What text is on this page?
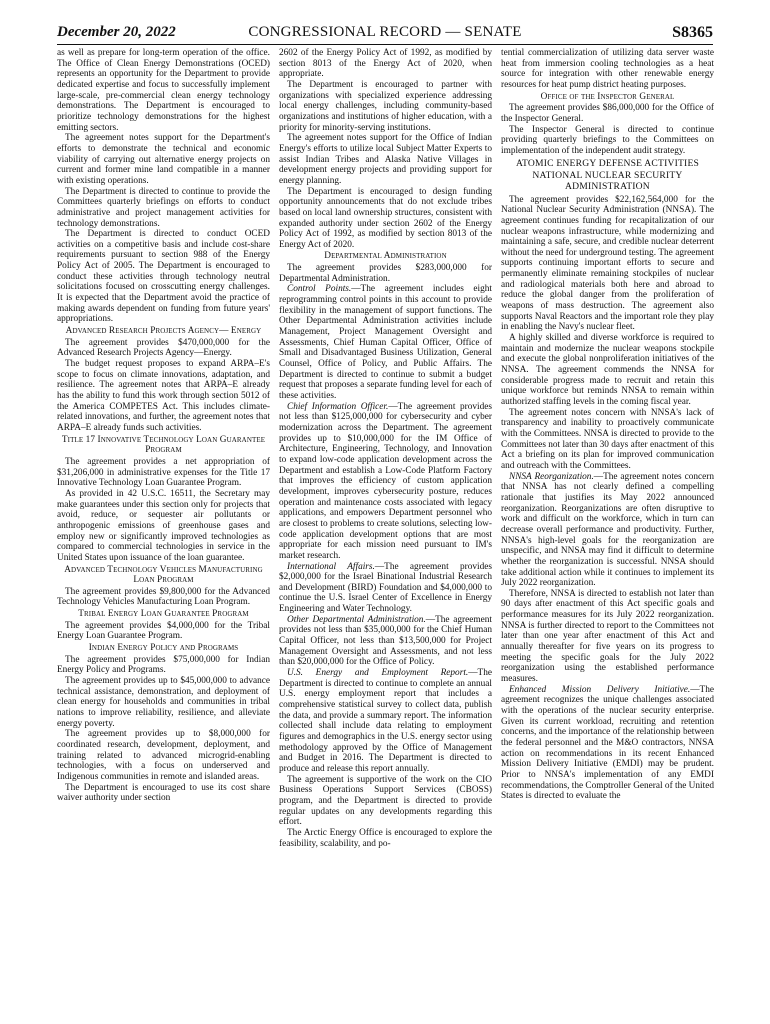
December 20, 2022	CONGRESSIONAL RECORD — SENATE	S8365

as well as prepare for long-term operation of the office. The Office of Clean Energy Demonstrations (OCED) represents an opportunity for the Department to provide dedicated expertise and focus to successfully implement large-scale, pre-commercial clean energy technology demonstrations. The Department is encouraged to prioritize technology demonstrations for the highest emitting sectors.

The agreement notes support for the Department's efforts to demonstrate the technical and economic viability of carrying out alternative energy projects on current and former mine land compatible in a manner with existing operations.

The Department is directed to continue to provide the Committees quarterly briefings on efforts to conduct administrative and project management activities for technology demonstrations.

The Department is directed to conduct OCED activities on a competitive basis and include cost-share requirements pursuant to section 988 of the Energy Policy Act of 2005. The Department is encouraged to conduct these activities through technology neutral solicitations focused on crosscutting energy challenges. It is expected that the Department avoid the practice of making awards dependent on funding from future years' appropriations.

Advanced Research Projects Agency— Energy

The agreement provides $470,000,000 for the Advanced Research Projects Agency—Energy.

The budget request proposes to expand ARPA–E's scope to focus on climate innovations, adaptation, and resilience. The agreement notes that ARPA–E already has the ability to fund this work through section 5012 of the America COMPETES Act. This includes climate-related innovations, and further, the agreement notes that ARPA–E already funds such activities.

Title 17 Innovative Technology Loan Guarantee Program

The agreement provides a net appropriation of $31,206,000 in administrative expenses for the Title 17 Innovative Technology Loan Guarantee Program.

As provided in 42 U.S.C. 16511, the Secretary may make guarantees under this section only for projects that avoid, reduce, or sequester air pollutants or anthropogenic emissions of greenhouse gases and employ new or significantly improved technologies as compared to commercial technologies in service in the United States upon issuance of the loan guarantee.

Advanced Technology Vehicles Manufacturing Loan Program

The agreement provides $9,800,000 for the Advanced Technology Vehicles Manufacturing Loan Program.

Tribal Energy Loan Guarantee Program

The agreement provides $4,000,000 for the Tribal Energy Loan Guarantee Program.

Indian Energy Policy and Programs

The agreement provides $75,000,000 for Indian Energy Policy and Programs.

The agreement provides up to $45,000,000 to advance technical assistance, demonstration, and deployment of clean energy for households and communities in tribal nations to improve reliability, resilience, and alleviate energy poverty.

The agreement provides up to $8,000,000 for coordinated research, development, deployment, and training related to advanced microgrid-enabling technologies, with a focus on underserved and Indigenous communities in remote and islanded areas.

The Department is encouraged to use its cost share waiver authority under section

2602 of the Energy Policy Act of 1992, as modified by section 8013 of the Energy Act of 2020, when appropriate.

The Department is encouraged to partner with organizations with specialized experience addressing local energy challenges, including community-based organizations and institutions of higher education, with a priority for minority-serving institutions.

The agreement notes support for the Office of Indian Energy's efforts to utilize local Subject Matter Experts to assist Indian Tribes and Alaska Native Villages in development energy projects and providing support for energy planning.

The Department is encouraged to design funding opportunity announcements that do not exclude tribes based on local land ownership structures, consistent with expanded authority under section 2602 of the Energy Policy Act of 1992, as modified by section 8013 of the Energy Act of 2020.

Departmental Administration

The agreement provides $283,000,000 for Departmental Administration.

Control Points.—The agreement includes eight reprogramming control points in this account to provide flexibility in the management of support functions. The Other Departmental Administration activities include Management, Project Management Oversight and Assessments, Chief Human Capital Officer, Office of Small and Disadvantaged Business Utilization, General Counsel, Office of Policy, and Public Affairs. The Department is directed to continue to submit a budget request that proposes a separate funding level for each of these activities.

Chief Information Officer.—The agreement provides not less than $125,000,000 for cybersecurity and cyber modernization across the Department. The agreement provides up to $10,000,000 for the IM Office of Architecture, Engineering, Technology, and Innovation to expand low-code application development across the Department and establish a Low-Code Platform Factory that improves the efficiency of custom application development, improves cybersecurity posture, reduces operation and maintenance costs associated with legacy applications, and empowers Department personnel who are closest to problems to create solutions, selecting low-code application development options that are most appropriate for each mission need pursuant to IM's market research.

International Affairs.—The agreement provides $2,000,000 for the Israel Binational Industrial Research and Development (BIRD) Foundation and $4,000,000 to continue the U.S. Israel Center of Excellence in Energy Engineering and Water Technology.

Other Departmental Administration.—The agreement provides not less than $35,000,000 for the Chief Human Capital Officer, not less than $13,500,000 for Project Management Oversight and Assessments, and not less than $20,000,000 for the Office of Policy.

U.S. Energy and Employment Report.—The Department is directed to continue to complete an annual U.S. energy employment report that includes a comprehensive statistical survey to collect data, publish the data, and provide a summary report. The information collected shall include data relating to employment figures and demographics in the U.S. energy sector using methodology approved by the Office of Management and Budget in 2016. The Department is directed to produce and release this report annually.

The agreement is supportive of the work on the CIO Business Operations Support Services (CBOSS) program, and the Department is directed to provide regular updates on any developments regarding this effort.

The Arctic Energy Office is encouraged to explore the feasibility, scalability, and po-

tential commercialization of utilizing data server waste heat from immersion cooling technologies as a heat source for integration with other renewable energy resources for heat pump district heating purposes.

Office of the Inspector General

The agreement provides $86,000,000 for the Office of the Inspector General.

The Inspector General is directed to continue providing quarterly briefings to the Committees on implementation of the independent audit strategy.

ATOMIC ENERGY DEFENSE ACTIVITIES

NATIONAL NUCLEAR SECURITY ADMINISTRATION

The agreement provides $22,162,564,000 for the National Nuclear Security Administration (NNSA). The agreement continues funding for recapitalization of our nuclear weapons infrastructure, while modernizing and maintaining a safe, secure, and credible nuclear deterrent without the need for underground testing. The agreement supports continuing important efforts to secure and permanently eliminate remaining stockpiles of nuclear and radiological materials both here and abroad to reduce the global danger from the proliferation of weapons of mass destruction. The agreement also supports Naval Reactors and the important role they play in enabling the Navy's nuclear fleet.

A highly skilled and diverse workforce is required to maintain and modernize the nuclear weapons stockpile and execute the global nonproliferation initiatives of the NNSA. The agreement commends the NNSA for considerable progress made to recruit and retain this unique workforce but reminds NNSA to remain within authorized staffing levels in the coming fiscal year.

The agreement notes concern with NNSA's lack of transparency and inability to proactively communicate with the Committees. NNSA is directed to provide to the Committees not later than 30 days after enactment of this Act a briefing on its plan for improved communication and outreach with the Committees.

NNSA Reorganization.—The agreement notes concern that NNSA has not clearly defined a compelling rationale that justifies its May 2022 announced reorganization. Reorganizations are often disruptive to work and difficult on the workforce, which in turn can decrease overall performance and productivity. Further, NNSA's high-level goals for the reorganization are unspecific, and NNSA may find it difficult to determine whether the reorganization is successful. NNSA should take additional action while it continues to implement its July 2022 reorganization.

Therefore, NNSA is directed to establish not later than 90 days after enactment of this Act specific goals and performance measures for its July 2022 reorganization. NNSA is further directed to report to the Committees not later than one year after enactment of this Act and annually thereafter for five years on its progress to meeting the specific goals for the July 2022 reorganization using the established performance measures.

Enhanced Mission Delivery Initiative.—The agreement recognizes the unique challenges associated with the operations of the nuclear security enterprise. Given its current workload, recruiting and retention concerns, and the importance of the relationship between the federal personnel and the M&O contractors, NNSA action on recommendations in its recent Enhanced Mission Delivery Initiative (EMDI) may be prudent. Prior to NNSA's implementation of any EMDI recommendations, the Comptroller General of the United States is directed to evaluate the
